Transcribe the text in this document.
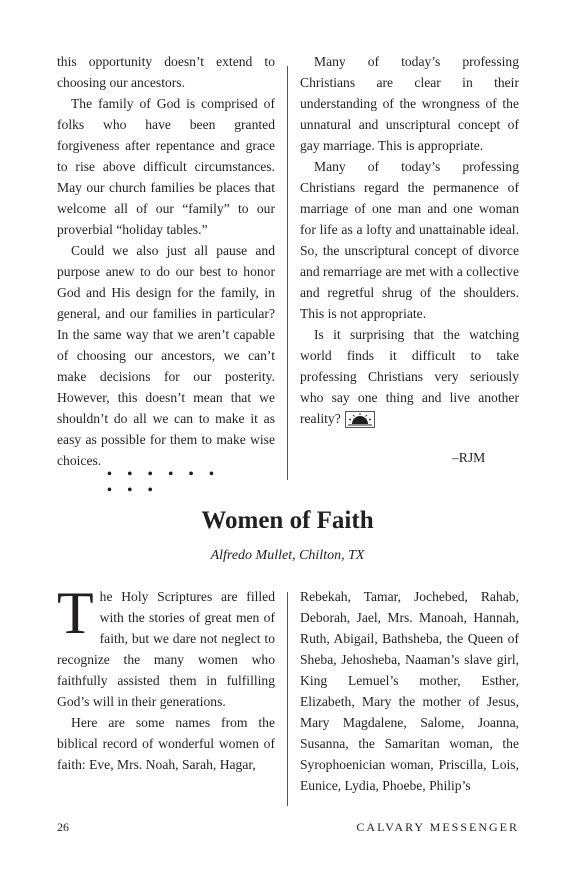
this opportunity doesn’t extend to choosing our ancestors.

The family of God is comprised of folks who have been granted forgiveness after repentance and grace to rise above difficult circumstances. May our church families be places that welcome all of our “family” to our proverbial “holiday tables.”

Could we also just all pause and purpose anew to do our best to honor God and His design for the family, in general, and our families in particular? In the same way that we aren’t capable of choosing our ancestors, we can’t make decisions for our posterity. However, this doesn’t mean that we shouldn’t do all we can to make it as easy as possible for them to make wise choices.

• • • • • • • • •

Many of today’s professing Christians are clear in their understanding of the wrongness of the unnatural and unscriptural concept of gay marriage. This is appropriate.

Many of today’s professing Christians regard the permanence of marriage of one man and one woman for life as a lofty and unattainable ideal. So, the unscriptural concept of divorce and remarriage are met with a collective and regretful shrug of the shoulders. This is not appropriate.

Is it surprising that the watching world finds it difficult to take professing Christians very seriously who say one thing and live another reality?

–RJM
Women of Faith
Alfredo Mullet, Chilton, TX

The Holy Scriptures are filled with the stories of great men of faith, but we dare not neglect to recognize the many women who faithfully assisted them in fulfilling God’s will in their generations.

Here are some names from the biblical record of wonderful women of faith: Eve, Mrs. Noah, Sarah, Hagar,

Rebekah, Tamar, Jochebed, Rahab, Deborah, Jael, Mrs. Manoah, Hannah, Ruth, Abigail, Bathsheba, the Queen of Sheba, Jehosheba, Naaman’s slave girl, King Lemuel’s mother, Esther, Elizabeth, Mary the mother of Jesus, Mary Magdalene, Salome, Joanna, Susanna, the Samaritan woman, the Syrophoenician woman, Priscilla, Lois, Eunice, Lydia, Phoebe, Philip’s

26	CALVARY MESSENGER
